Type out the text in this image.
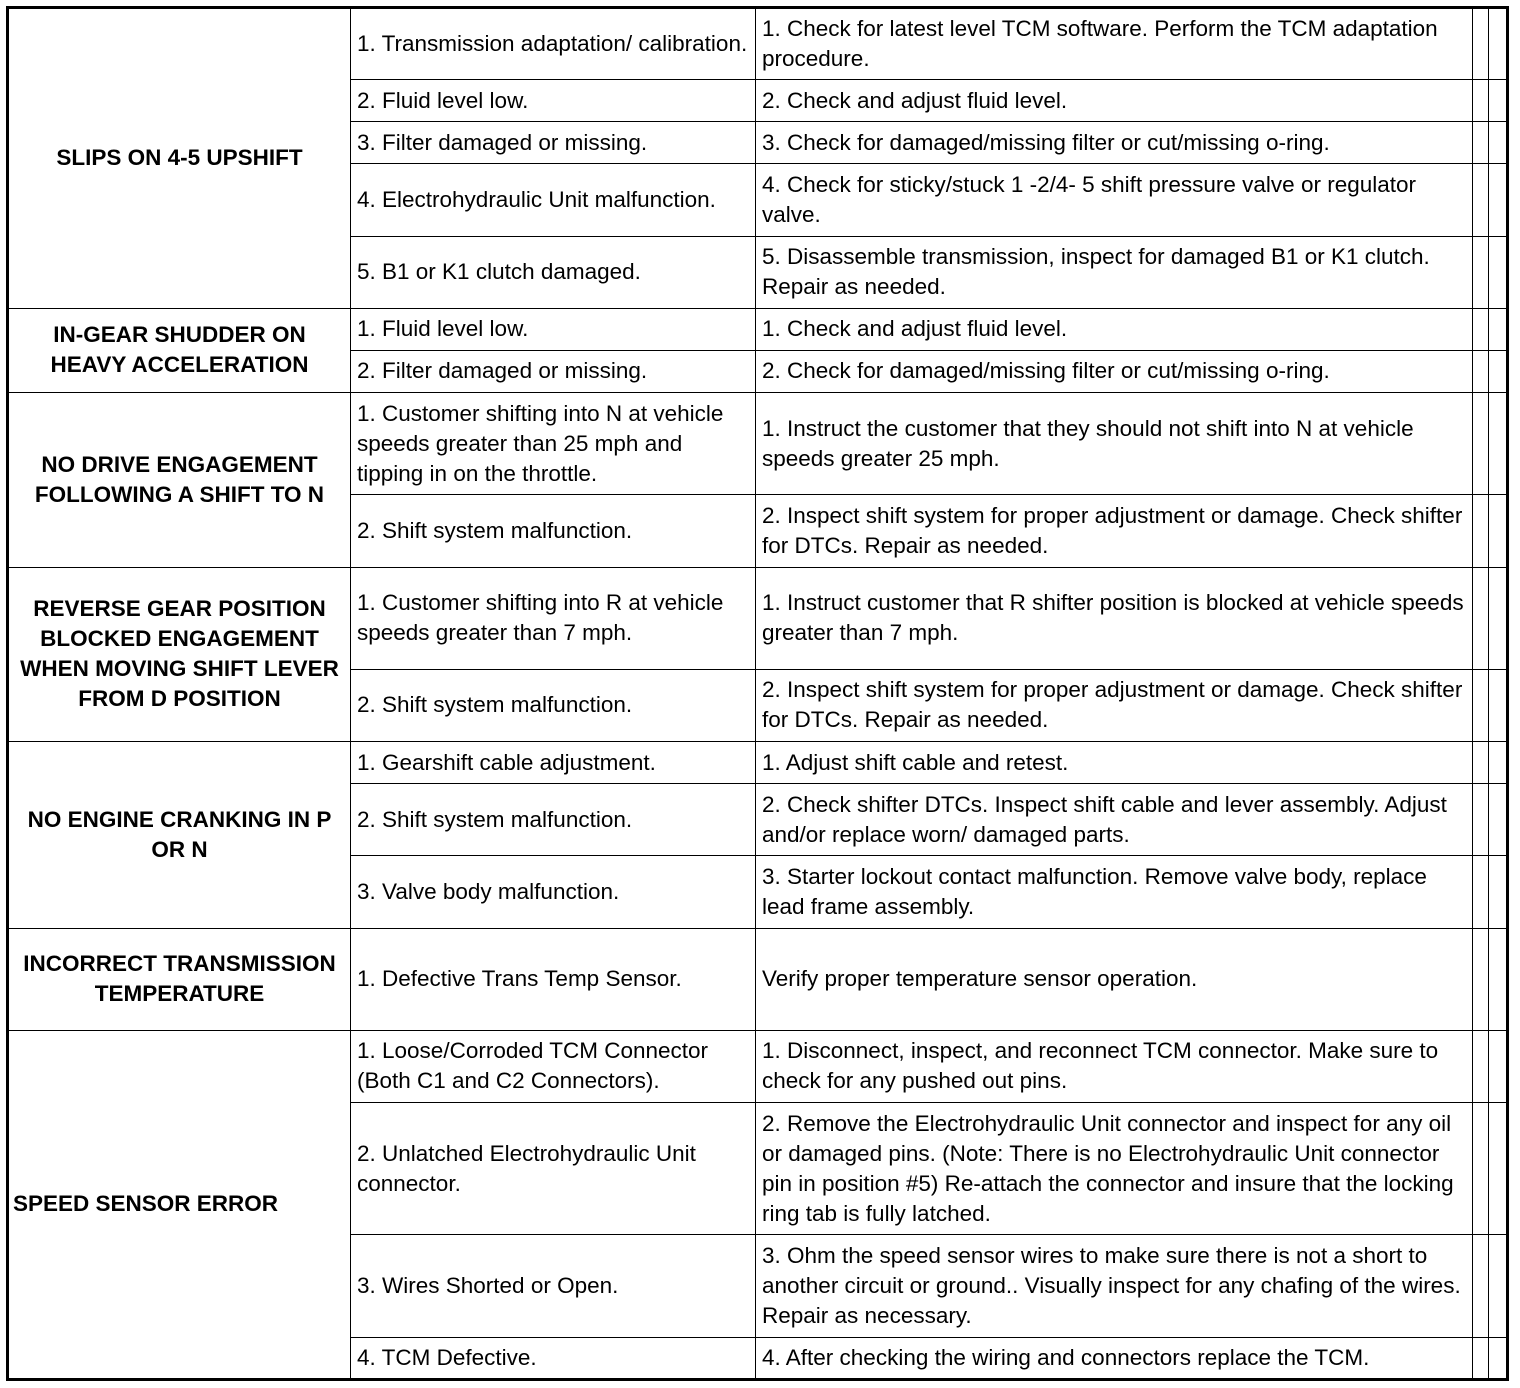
SLIPS ON 4-5 UPSHIFT	1. Transmission adaptation/ calibration.	1. Check for latest level TCM software. Perform the TCM adaptation procedure.		
	2. Fluid level low.	2. Check and adjust fluid level.		
	3. Filter damaged or missing.	3. Check for damaged/missing filter or cut/missing o-ring.		
	4. Electrohydraulic Unit malfunction.	4. Check for sticky/stuck 1 -2/4- 5 shift pressure valve or regulator valve.		
	5. B1 or K1 clutch damaged.	5. Disassemble transmission, inspect for damaged B1 or K1 clutch. Repair as needed.		
IN-GEAR SHUDDER ON HEAVY ACCELERATION	1. Fluid level low.	1. Check and adjust fluid level.		
	2. Filter damaged or missing.	2. Check for damaged/missing filter or cut/missing o-ring.		
NO DRIVE ENGAGEMENT FOLLOWING A SHIFT TO N	1. Customer shifting into N at vehicle speeds greater than 25 mph and tipping in on the throttle.	1. Instruct the customer that they should not shift into N at vehicle speeds greater 25 mph.		
	2. Shift system malfunction.	2. Inspect shift system for proper adjustment or damage. Check shifter for DTCs. Repair as needed.		
REVERSE GEAR POSITION BLOCKED ENGAGEMENT WHEN MOVING SHIFT LEVER FROM D POSITION	1. Customer shifting into R at vehicle speeds greater than 7 mph.	1. Instruct customer that R shifter position is blocked at vehicle speeds greater than 7 mph.		
	2. Shift system malfunction.	2. Inspect shift system for proper adjustment or damage. Check shifter for DTCs. Repair as needed.		
NO ENGINE CRANKING IN P OR N	1. Gearshift cable adjustment.	1. Adjust shift cable and retest.		
	2. Shift system malfunction.	2. Check shifter DTCs. Inspect shift cable and lever assembly. Adjust and/or replace worn/ damaged parts.		
	3. Valve body malfunction.	3. Starter lockout contact malfunction. Remove valve body, replace lead frame assembly.		
INCORRECT TRANSMISSION TEMPERATURE	1. Defective Trans Temp Sensor.	Verify proper temperature sensor operation.		
SPEED SENSOR ERROR	1. Loose/Corroded TCM Connector (Both C1 and C2 Connectors).	1. Disconnect, inspect, and reconnect TCM connector. Make sure to check for any pushed out pins.		
	2. Unlatched Electrohydraulic Unit connector.	2. Remove the Electrohydraulic Unit connector and inspect for any oil or damaged pins. (Note: There is no Electrohydraulic Unit connector pin in position #5) Re-attach the connector and insure that the locking ring tab is fully latched.		
	3. Wires Shorted or Open.	3. Ohm the speed sensor wires to make sure there is not a short to another circuit or ground.. Visually inspect for any chafing of the wires. Repair as necessary.		
	4. TCM Defective.	4. After checking the wiring and connectors replace the TCM.		
